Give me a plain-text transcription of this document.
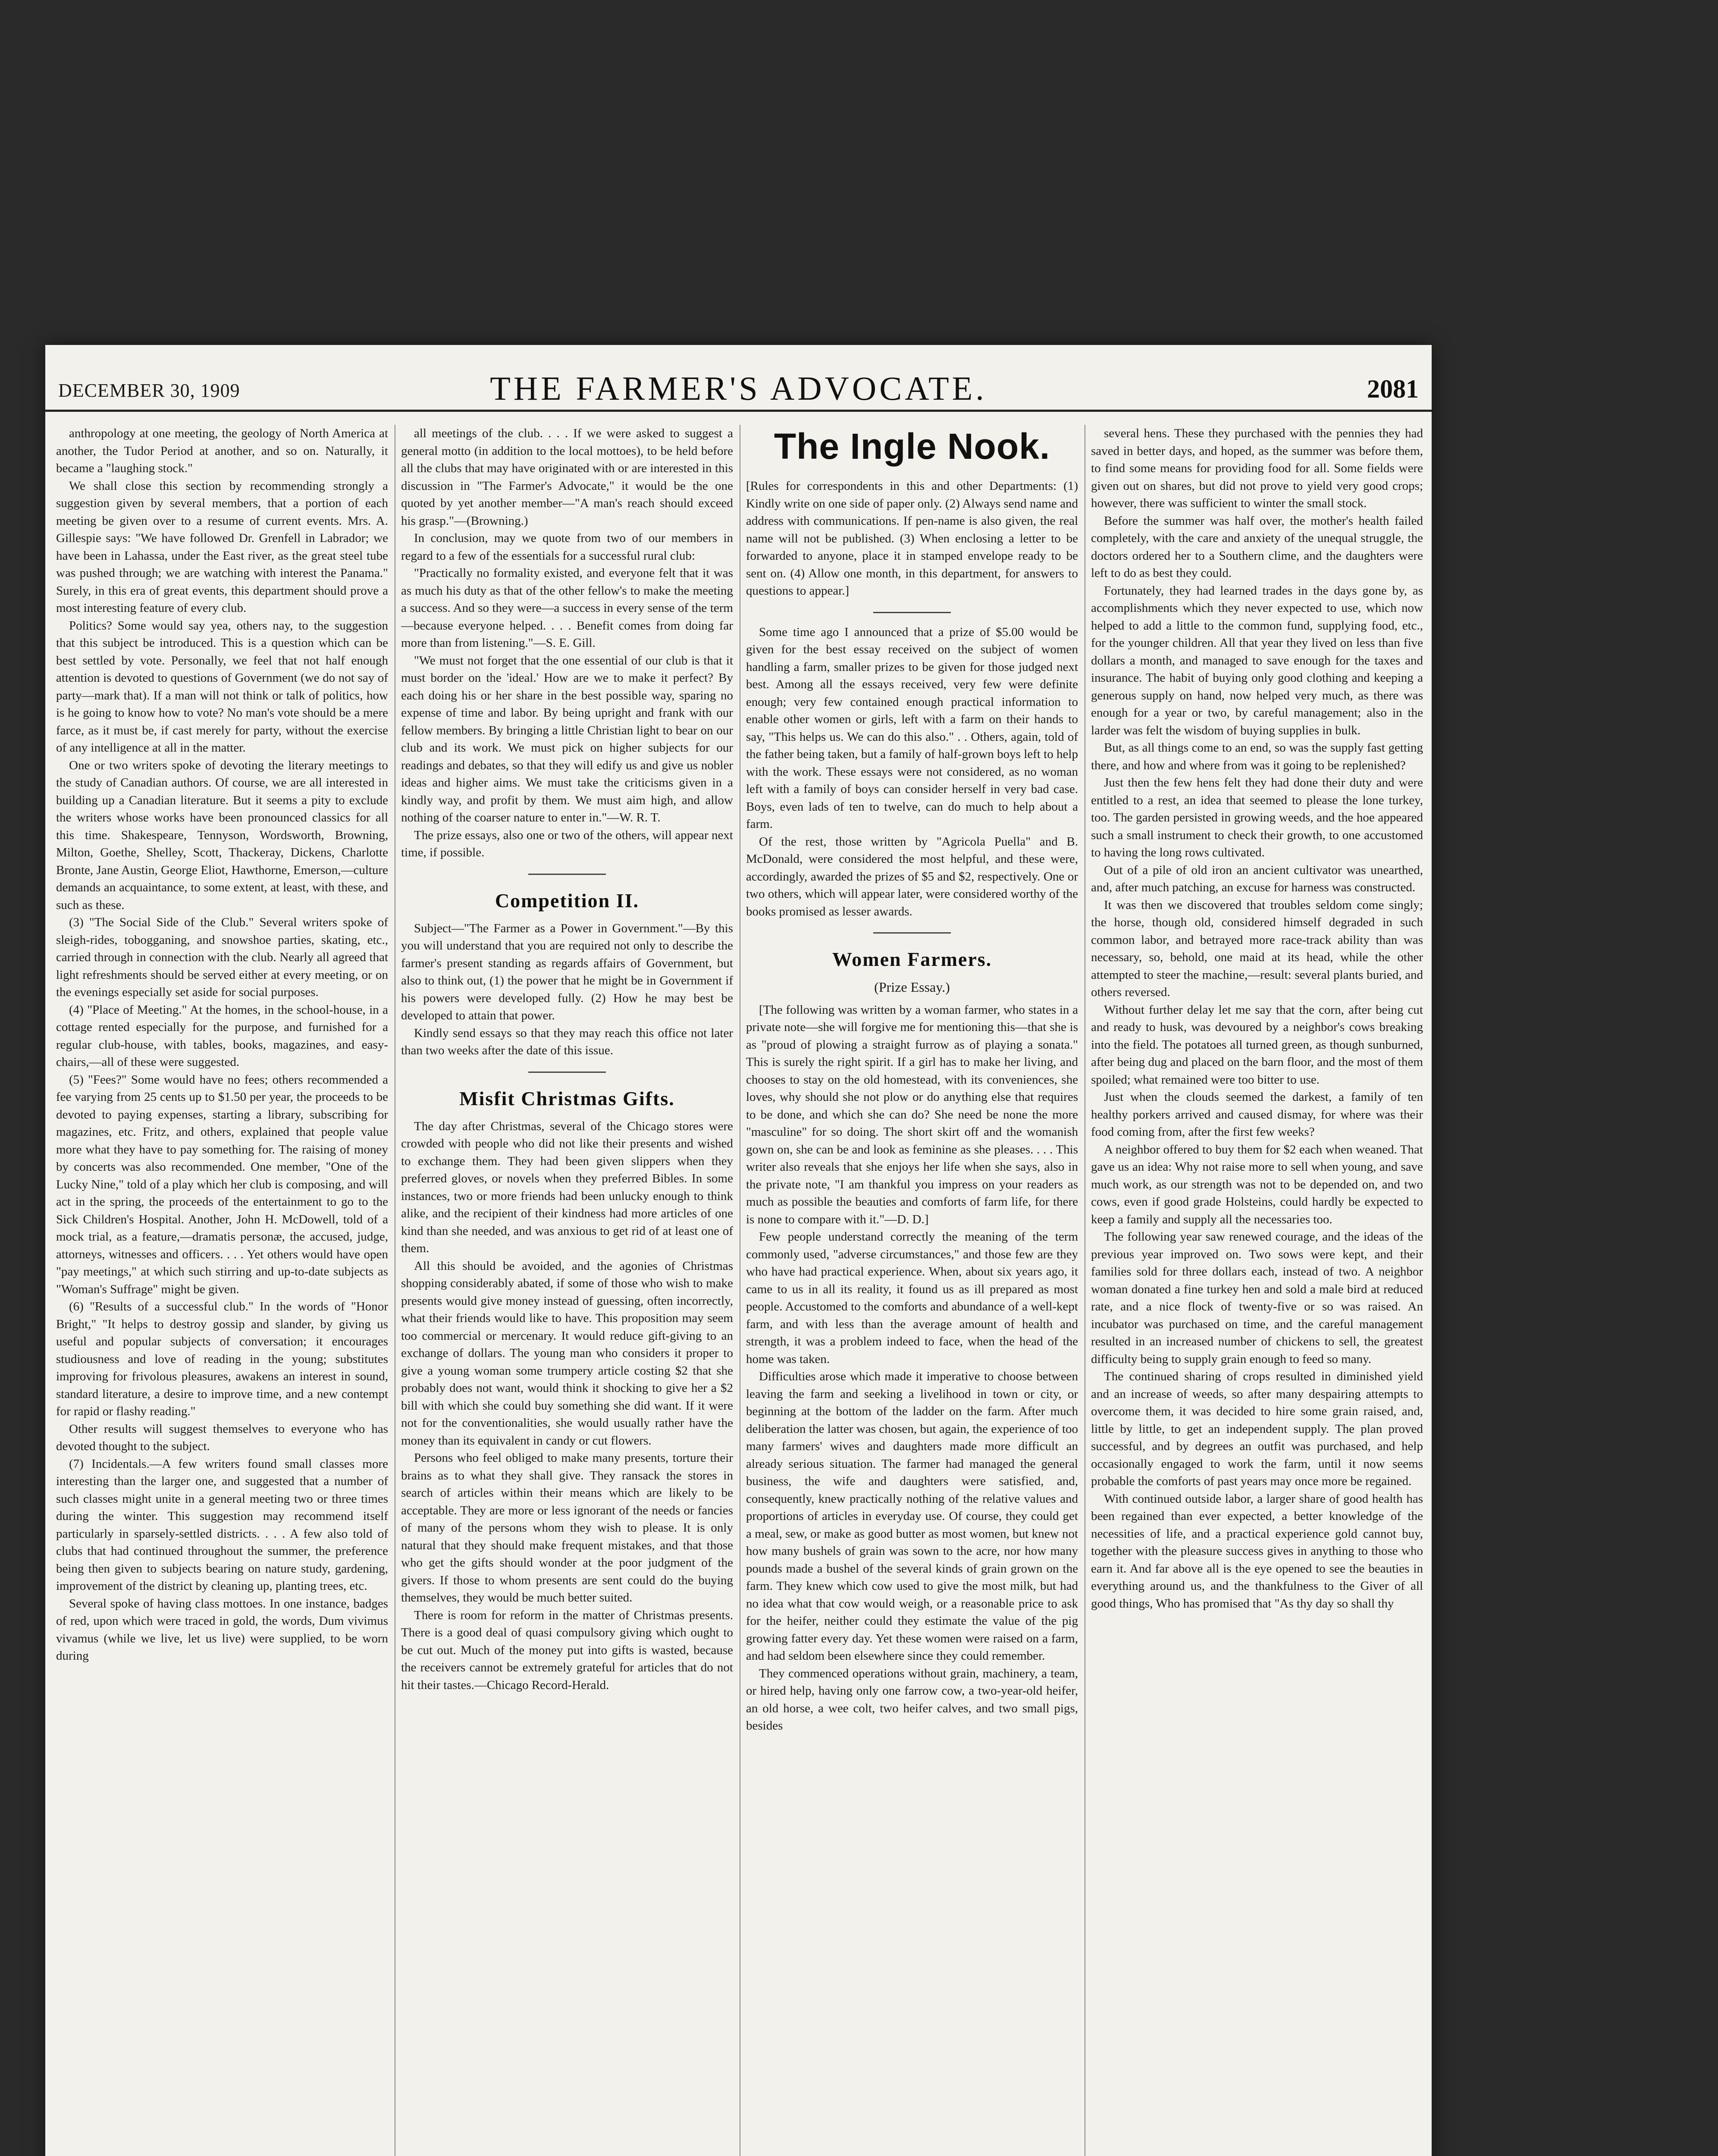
DECEMBER 30, 1909	THE FARMER'S ADVOCATE.	2081

anthropology at one meeting, the geology of North America at another, the Tudor Period at another, and so on. Naturally, it became a "laughing stock."

We shall close this section by recommending strongly a suggestion given by several members, that a portion of each meeting be given over to a resume of current events. Mrs. A. Gillespie says: "We have followed Dr. Grenfell in Labrador; we have been in Lahassa, under the East river, as the great steel tube was pushed through; we are watching with interest the Panama." Surely, in this era of great events, this department should prove a most interesting feature of every club.

Politics? Some would say yea, others nay, to the suggestion that this subject be introduced. This is a question which can be best settled by vote. Personally, we feel that not half enough attention is devoted to questions of Government (we do not say of party—mark that). If a man will not think or talk of politics, how is he going to know how to vote? No man's vote should be a mere farce, as it must be, if cast merely for party, without the exercise of any intelligence at all in the matter.

One or two writers spoke of devoting the literary meetings to the study of Canadian authors. Of course, we are all interested in building up a Canadian literature. But it seems a pity to exclude the writers whose works have been pronounced classics for all this time. Shakespeare, Tennyson, Wordsworth, Browning, Milton, Goethe, Shelley, Scott, Thackeray, Dickens, Charlotte Bronte, Jane Austin, George Eliot, Hawthorne, Emerson,—culture demands an acquaintance, to some extent, at least, with these, and such as these.

(3) "The Social Side of the Club." Several writers spoke of sleigh-rides, tobogganing, and snowshoe parties, skating, etc., carried through in connection with the club. Nearly all agreed that light refreshments should be served either at every meeting, or on the evenings especially set aside for social purposes.

(4) "Place of Meeting." At the homes, in the school-house, in a cottage rented especially for the purpose, and furnished for a regular club-house, with tables, books, magazines, and easy-chairs,—all of these were suggested.

(5) "Fees?" Some would have no fees; others recommended a fee varying from 25 cents up to $1.50 per year, the proceeds to be devoted to paying expenses, starting a library, subscribing for magazines, etc. Fritz, and others, explained that people value more what they have to pay something for. The raising of money by concerts was also recommended. One member, "One of the Lucky Nine," told of a play which her club is composing, and will act in the spring, the proceeds of the entertainment to go to the Sick Children's Hospital. Another, John H. McDowell, told of a mock trial, as a feature,—dramatis personæ, the accused, judge, attorneys, witnesses and officers. . . . Yet others would have open "pay meetings," at which such stirring and up-to-date subjects as "Woman's Suffrage" might be given.

(6) "Results of a successful club." In the words of "Honor Bright," "It helps to destroy gossip and slander, by giving us useful and popular subjects of conversation; it encourages studiousness and love of reading in the young; substitutes improving for frivolous pleasures, awakens an interest in sound, standard literature, a desire to improve time, and a new contempt for rapid or flashy reading."

Other results will suggest themselves to everyone who has devoted thought to the subject.

(7) Incidentals.—A few writers found small classes more interesting than the larger one, and suggested that a number of such classes might unite in a general meeting two or three times during the winter. This suggestion may recommend itself particularly in sparsely-settled districts. . . . A few also told of clubs that had continued throughout the summer, the preference being then given to subjects bearing on nature study, gardening, improvement of the district by cleaning up, planting trees, etc.

Several spoke of having class mottoes. In one instance, badges of red, upon which were traced in gold, the words, Dum vivimus vivamus (while we live, let us live) were supplied, to be worn during

all meetings of the club. . . . If we were asked to suggest a general motto (in addition to the local mottoes), to be held before all the clubs that may have originated with or are interested in this discussion in "The Farmer's Advocate," it would be the one quoted by yet another member—"A man's reach should exceed his grasp."—(Browning.)

In conclusion, may we quote from two of our members in regard to a few of the essentials for a successful rural club:

"Practically no formality existed, and everyone felt that it was as much his duty as that of the other fellow's to make the meeting a success. And so they were—a success in every sense of the term—because everyone helped. . . . Benefit comes from doing far more than from listening."—S. E. Gill.

"We must not forget that the one essential of our club is that it must border on the 'ideal.' How are we to make it perfect? By each doing his or her share in the best possible way, sparing no expense of time and labor. By being upright and frank with our fellow members. By bringing a little Christian light to bear on our club and its work. We must pick on higher subjects for our readings and debates, so that they will edify us and give us nobler ideas and higher aims. We must take the criticisms given in a kindly way, and profit by them. We must aim high, and allow nothing of the coarser nature to enter in."—W. R. T.

The prize essays, also one or two of the others, will appear next time, if possible.

Competition II.

Subject—"The Farmer as a Power in Government."—By this you will understand that you are required not only to describe the farmer's present standing as regards affairs of Government, but also to think out, (1) the power that he might be in Government if his powers were developed fully. (2) How he may best be developed to attain that power.

Kindly send essays so that they may reach this office not later than two weeks after the date of this issue.

Misfit Christmas Gifts.

The day after Christmas, several of the Chicago stores were crowded with people who did not like their presents and wished to exchange them. They had been given slippers when they preferred gloves, or novels when they preferred Bibles. In some instances, two or more friends had been unlucky enough to think alike, and the recipient of their kindness had more articles of one kind than she needed, and was anxious to get rid of at least one of them.

All this should be avoided, and the agonies of Christmas shopping considerably abated, if some of those who wish to make presents would give money instead of guessing, often incorrectly, what their friends would like to have. This proposition may seem too commercial or mercenary. It would reduce gift-giving to an exchange of dollars. The young man who considers it proper to give a young woman some trumpery article costing $2 that she probably does not want, would think it shocking to give her a $2 bill with which she could buy something she did want. If it were not for the conventionalities, she would usually rather have the money than its equivalent in candy or cut flowers.

Persons who feel obliged to make many presents, torture their brains as to what they shall give. They ransack the stores in search of articles within their means which are likely to be acceptable. They are more or less ignorant of the needs or fancies of many of the persons whom they wish to please. It is only natural that they should make frequent mistakes, and that those who get the gifts should wonder at the poor judgment of the givers. If those to whom presents are sent could do the buying themselves, they would be much better suited.

There is room for reform in the matter of Christmas presents. There is a good deal of quasi compulsory giving which ought to be cut out. Much of the money put into gifts is wasted, because the receivers cannot be extremely grateful for articles that do not hit their tastes.—Chicago Record-Herald.

The Ingle Nook.

[Rules for correspondents in this and other Departments: (1) Kindly write on one side of paper only. (2) Always send name and address with communications. If pen-name is also given, the real name will not be published. (3) When enclosing a letter to be forwarded to anyone, place it in stamped envelope ready to be sent on. (4) Allow one month, in this department, for answers to questions to appear.]

Some time ago I announced that a prize of $5.00 would be given for the best essay received on the subject of women handling a farm, smaller prizes to be given for those judged next best. Among all the essays received, very few were definite enough; very few contained enough practical information to enable other women or girls, left with a farm on their hands to say, "This helps us. We can do this also." . . Others, again, told of the father being taken, but a family of half-grown boys left to help with the work. These essays were not considered, as no woman left with a family of boys can consider herself in very bad case. Boys, even lads of ten to twelve, can do much to help about a farm.

Of the rest, those written by "Agricola Puella" and B. McDonald, were considered the most helpful, and these were, accordingly, awarded the prizes of $5 and $2, respectively. One or two others, which will appear later, were considered worthy of the books promised as lesser awards.

Women Farmers.
(Prize Essay.)

[The following was written by a woman farmer, who states in a private note—she will forgive me for mentioning this—that she is as "proud of plowing a straight furrow as of playing a sonata." This is surely the right spirit. If a girl has to make her living, and chooses to stay on the old homestead, with its conveniences, she loves, why should she not plow or do anything else that requires to be done, and which she can do? She need be none the more "masculine" for so doing. The short skirt off and the womanish gown on, she can be and look as feminine as she pleases. . . . This writer also reveals that she enjoys her life when she says, also in the private note, "I am thankful you impress on your readers as much as possible the beauties and comforts of farm life, for there is none to compare with it."—D. D.]

Few people understand correctly the meaning of the term commonly used, "adverse circumstances," and those few are they who have had practical experience. When, about six years ago, it came to us in all its reality, it found us as ill prepared as most people. Accustomed to the comforts and abundance of a well-kept farm, and with less than the average amount of health and strength, it was a problem indeed to face, when the head of the home was taken.

Difficulties arose which made it imperative to choose between leaving the farm and seeking a livelihood in town or city, or beginning at the bottom of the ladder on the farm. After much deliberation the latter was chosen, but again, the experience of too many farmers' wives and daughters made more difficult an already serious situation. The farmer had managed the general business, the wife and daughters were satisfied, and, consequently, knew practically nothing of the relative values and proportions of articles in everyday use. Of course, they could get a meal, sew, or make as good butter as most women, but knew not how many bushels of grain was sown to the acre, nor how many pounds made a bushel of the several kinds of grain grown on the farm. They knew which cow used to give the most milk, but had no idea what that cow would weigh, or a reasonable price to ask for the heifer, neither could they estimate the value of the pig growing fatter every day. Yet these women were raised on a farm, and had seldom been elsewhere since they could remember.

They commenced operations without grain, machinery, a team, or hired help, having only one farrow cow, a two-year-old heifer, an old horse, a wee colt, two heifer calves, and two small pigs, besides

several hens. These they purchased with the pennies they had saved in better days, and hoped, as the summer was before them, to find some means for providing food for all. Some fields were given out on shares, but did not prove to yield very good crops; however, there was sufficient to winter the small stock.

Before the summer was half over, the mother's health failed completely, with the care and anxiety of the unequal struggle, the doctors ordered her to a Southern clime, and the daughters were left to do as best they could.

Fortunately, they had learned trades in the days gone by, as accomplishments which they never expected to use, which now helped to add a little to the common fund, supplying food, etc., for the younger children. All that year they lived on less than five dollars a month, and managed to save enough for the taxes and insurance. The habit of buying only good clothing and keeping a generous supply on hand, now helped very much, as there was enough for a year or two, by careful management; also in the larder was felt the wisdom of buying supplies in bulk.

But, as all things come to an end, so was the supply fast getting there, and how and where from was it going to be replenished?

Just then the few hens felt they had done their duty and were entitled to a rest, an idea that seemed to please the lone turkey, too. The garden persisted in growing weeds, and the hoe appeared such a small instrument to check their growth, to one accustomed to having the long rows cultivated.

Out of a pile of old iron an ancient cultivator was unearthed, and, after much patching, an excuse for harness was constructed.

It was then we discovered that troubles seldom come singly; the horse, though old, considered himself degraded in such common labor, and betrayed more race-track ability than was necessary, so, behold, one maid at its head, while the other attempted to steer the machine,—result: several plants buried, and others reversed.

Without further delay let me say that the corn, after being cut and ready to husk, was devoured by a neighbor's cows breaking into the field. The potatoes all turned green, as though sunburned, after being dug and placed on the barn floor, and the most of them spoiled; what remained were too bitter to use.

Just when the clouds seemed the darkest, a family of ten healthy porkers arrived and caused dismay, for where was their food coming from, after the first few weeks?

A neighbor offered to buy them for $2 each when weaned. That gave us an idea: Why not raise more to sell when young, and save much work, as our strength was not to be depended on, and two cows, even if good grade Holsteins, could hardly be expected to keep a family and supply all the necessaries too.

The following year saw renewed courage, and the ideas of the previous year improved on. Two sows were kept, and their families sold for three dollars each, instead of two. A neighbor woman donated a fine turkey hen and sold a male bird at reduced rate, and a nice flock of twenty-five or so was raised. An incubator was purchased on time, and the careful management resulted in an increased number of chickens to sell, the greatest difficulty being to supply grain enough to feed so many.

The continued sharing of crops resulted in diminished yield and an increase of weeds, so after many despairing attempts to overcome them, it was decided to hire some grain raised, and, little by little, to get an independent supply. The plan proved successful, and by degrees an outfit was purchased, and help occasionally engaged to work the farm, until it now seems probable the comforts of past years may once more be regained.

With continued outside labor, a larger share of good health has been regained than ever expected, a better knowledge of the necessities of life, and a practical experience gold cannot buy, together with the pleasure success gives in anything to those who earn it. And far above all is the eye opened to see the beauties in everything around us, and the thankfulness to the Giver of all good things, Who has promised that "As thy day so shall thy
